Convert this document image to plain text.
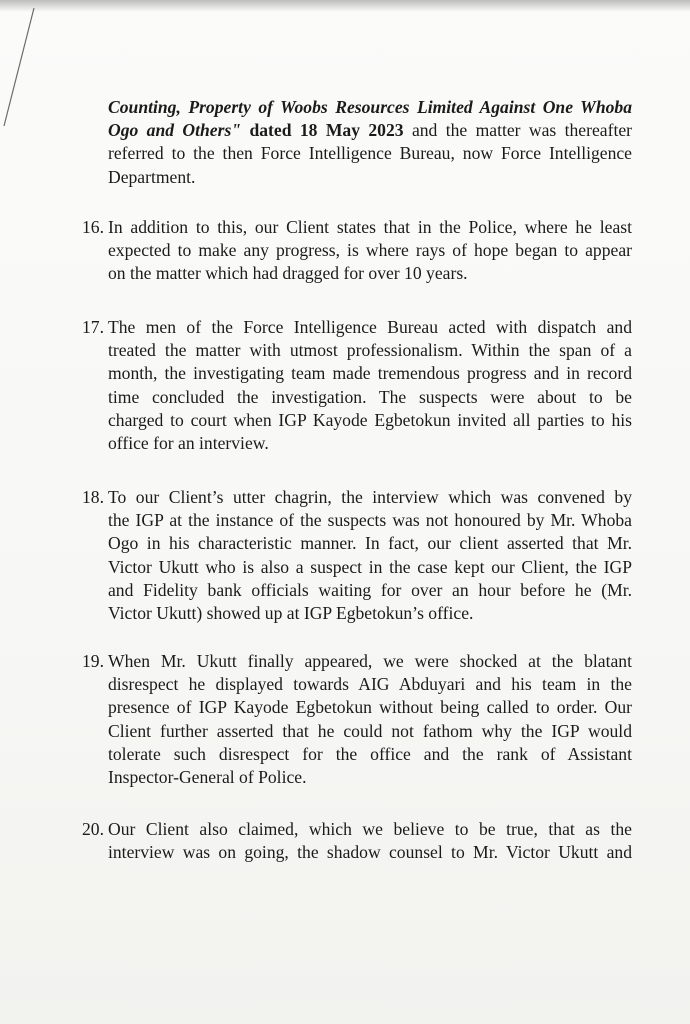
Counting, Property of Woobs Resources Limited Against One Whoba
Ogo and Others" dated 18 May 2023 and the matter was thereafter
referred to the then Force Intelligence Bureau, now Force Intelligence
Department.
16. In addition to this, our Client states that in the Police, where he least
expected to make any progress, is where rays of hope began to appear
on the matter which had dragged for over 10 years.
17. The men of the Force Intelligence Bureau acted with dispatch and
treated the matter with utmost professionalism. Within the span of a
month, the investigating team made tremendous progress and in record
time concluded the investigation. The suspects were about to be
charged to court when IGP Kayode Egbetokun invited all parties to his
office for an interview.
18. To our Client’s utter chagrin, the interview which was convened by
the IGP at the instance of the suspects was not honoured by Mr. Whoba
Ogo in his characteristic manner. In fact, our client asserted that Mr.
Victor Ukutt who is also a suspect in the case kept our Client, the IGP
and Fidelity bank officials waiting for over an hour before he (Mr.
Victor Ukutt) showed up at IGP Egbetokun’s office.
19. When Mr. Ukutt finally appeared, we were shocked at the blatant
disrespect he displayed towards AIG Abduyari and his team in the
presence of IGP Kayode Egbetokun without being called to order. Our
Client further asserted that he could not fathom why the IGP would
tolerate such disrespect for the office and the rank of Assistant
Inspector-General of Police.
20. Our Client also claimed, which we believe to be true, that as the
interview was on going, the shadow counsel to Mr. Victor Ukutt and
